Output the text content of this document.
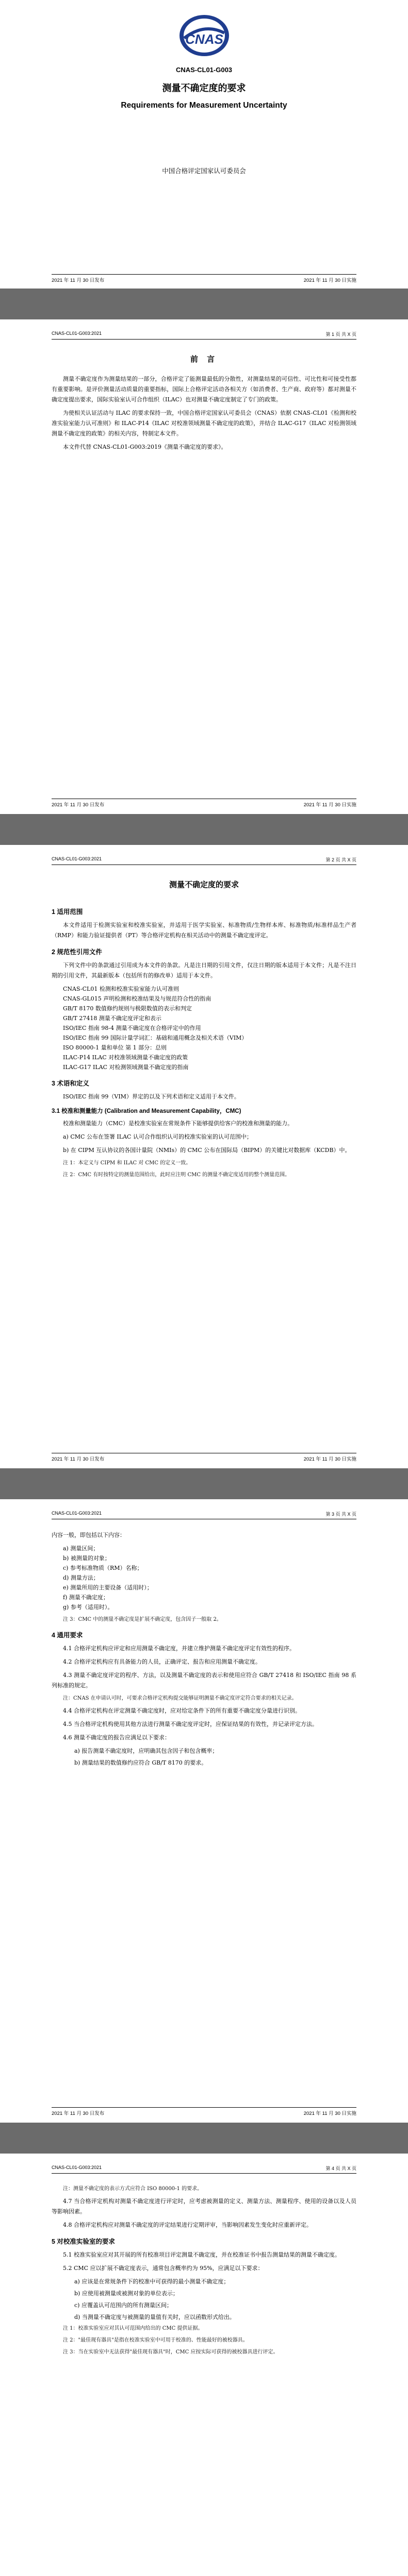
CNAS
CNAS-CL01-G003
测量不确定度的要求
Requirements for Measurement Uncertainty
中国合格评定国家认可委员会
2021 年 11 月 30 日发布	2021 年 11 月 30 日实施
CNAS-CL01-G003:2021	第 1 页 共 X 页
前 言

测量不确定度作为测量结果的一部分，合格评定了能测量最低的分散性，对测量结果的可信性、可比性和可接受性都有重要影响。是评价测量活动质量的重要指标，国际上合格评定活动各相关方（如消费者、生产商、政府等）都对测量不确定度提出要求，国际实验室认可合作组织（ILAC）也对测量不确定度制定了专门的政策。

为使相关认证活动与 ILAC 的要求保持一致，中国合格评定国家认可委员会（CNAS）依据 CNAS-CL01《检测和校准实验室能力认可准则》和 ILAC-P14《ILAC 对校准领域测量不确定度的政策》，并结合 ILAC-G17《ILAC 对检测领域测量不确定度的政策》的相关内容，特制定本文件。

本文件代替 CNAS-CL01-G003:2019《测量不确定度的要求》。

2021 年 11 月 30 日发布	2021 年 11 月 30 日实施
CNAS-CL01-G003:2021	第 2 页 共 X 页
测量不确定度的要求
1 适用范围

本文件适用于检测实验室和校准实验室，并适用于医学实验室、标准物质/生物样本库、标准物质/标准样品生产者（RMP）和能力验证提供者（PT）等合格评定机构在相关活动中的测量不确定度评定。

2 规范性引用文件

下列文件中的条款通过引用成为本文件的条款。凡是注日期的引用文件，仅注日期的版本适用于本文件；凡是不注日期的引用文件，其最新版本（包括所有的修改单）适用于本文件。

CNAS-CL01 检测和校准实验室能力认可准则
CNAS-GL015 声明检测和校准结果及与规范符合性的指南
GB/T 8170 数值修约规则与极限数值的表示和判定
GB/T 27418 测量不确定度评定和表示
ISO/IEC 指南 98-4 测量不确定度在合格评定中的作用
ISO/IEC 指南 99 国际计量学词汇：基础和通用概念及相关术语（VIM）
ISO 80000-1 量和单位 第 1 部分：总则
ILAC-P14 ILAC 对校准领域测量不确定度的政策
ILAC-G17 ILAC 对检测领域测量不确定度的指南
3 术语和定义

ISO/IEC 指南 99（VIM）界定的以及下列术语和定义适用于本文件。

3.1 校准和测量能力 (Calibration and Measurement Capability，CMC)

校准和测量能力（CMC）是校准实验室在常规条件下能够提供给客户的校准和测量的能力。

a) CMC 公布在签署 ILAC 认可合作组织认可的校准实验室的认可范围中；

b) 在 CIPM 互认协议的各国计量院（NMIs）的 CMC 公布在国际局（BIPM）的关键比对数据库（KCDB）中。

注 1：本定义与 CIPM 和 ILAC 对 CMC 的定义一致。

注 2：CMC 有时按特定的测量范围给出，此时应注明 CMC 的测量不确定度适用的整个测量范围。

2021 年 11 月 30 日发布	2021 年 11 月 30 日实施
CNAS-CL01-G003:2021	第 3 页 共 X 页

内容一般，即包括以下内容：

a) 测量区间；
b) 被测量的对象；
c) 参考标准物质（RM）名称；
d) 测量方法；
e) 测量所用的主要设备（适用时）；
f) 测量不确定度；
g) 参考（适用时）。

注 3：CMC 中的测量不确定度是扩展不确定度，包含因子一般取 2。

4 通用要求

4.1 合格评定机构应评定和应用测量不确定度，并建立维护测量不确定度评定有效性的程序。

4.2 合格评定机构应有具备能力的人员，正确评定、报告和应用测量不确定度。

4.3 测量不确定度评定的程序、方法，以及测量不确定度的表示和使用应符合 GB/T 27418 和 ISO/IEC 指南 98 系列标准的规定。

注：CNAS 在申请认可时，可要求合格评定机构提交能够证明测量不确定度评定符合要求的相关记录。

4.4 合格评定机构在评定测量不确定度时，应对给定条件下的所有重要不确定度分量进行识别。

4.5 当合格评定机构使用其他方法进行测量不确定度评定时，应保证结果的有效性，并记录评定方法。

4.6 测量不确定度的报告应满足以下要求：

a) 报告测量不确定度时，应明确其包含因子和包含概率；
b) 测量结果的数值修约应符合 GB/T 8170 的要求。
2021 年 11 月 30 日发布	2021 年 11 月 30 日实施
CNAS-CL01-G003:2021	第 4 页 共 X 页

注：测量不确定度的表示方式应符合 ISO 80000-1 的要求。

4.7 当合格评定机构对测量不确定度进行评定时，应考虑被测量的定义、测量方法、测量程序、使用的设备以及人员等影响因素。

4.8 合格评定机构应对测量不确定度的评定结果进行定期评审，当影响因素发生变化时应重新评定。

5 对校准实验室的要求

5.1 校准实验室应对其开展的所有校准项目评定测量不确定度，并在校准证书中报告测量结果的测量不确定度。

5.2 CMC 应以扩展不确定度表示，通常包含概率约为 95%，应满足以下要求：

a) 应该是在常规条件下的校准中可获得的最小测量不确定度；
b) 应使用被测量或被测对象的单位表示；
c) 应覆盖认可范围内的所有测量区间；
d) 当测量不确定度与被测量的量值有关时，应以函数形式给出。

注 1：校准实验室应对其认可范围内给出的 CMC 提供证据。

注 2："最佳现有器具"是指在校准实验室中可用于校准的、性能最好的被校器具。

注 3：当在实验室中无法获得"最佳现有器具"时，CMC 应按实际可获得的被校器具进行评定。
